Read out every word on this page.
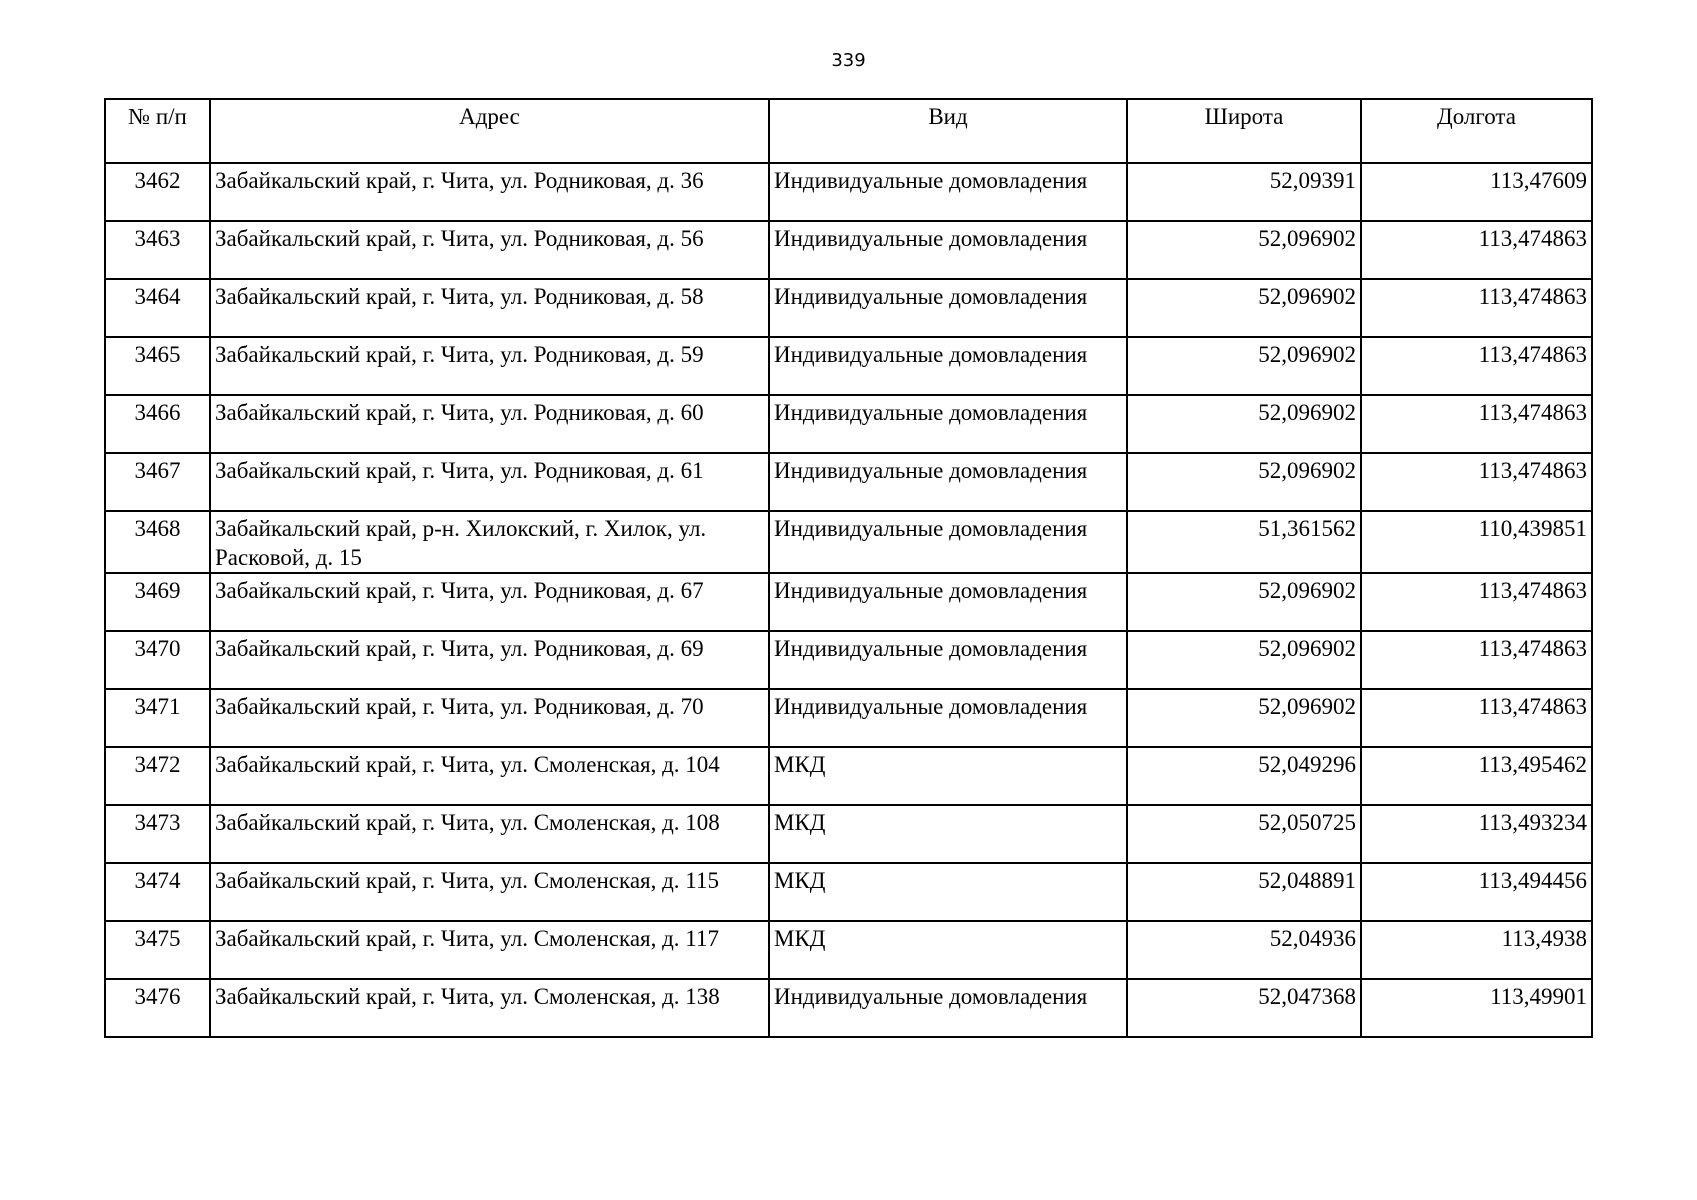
339
№ п/п	Адрес	Вид	Широта	Долгота
3462	Забайкальский край, г. Чита, ул. Родниковая, д. 36	Индивидуальные домовладения	52,09391	113,47609
3463	Забайкальский край, г. Чита, ул. Родниковая, д. 56	Индивидуальные домовладения	52,096902	113,474863
3464	Забайкальский край, г. Чита, ул. Родниковая, д. 58	Индивидуальные домовладения	52,096902	113,474863
3465	Забайкальский край, г. Чита, ул. Родниковая, д. 59	Индивидуальные домовладения	52,096902	113,474863
3466	Забайкальский край, г. Чита, ул. Родниковая, д. 60	Индивидуальные домовладения	52,096902	113,474863
3467	Забайкальский край, г. Чита, ул. Родниковая, д. 61	Индивидуальные домовладения	52,096902	113,474863
3468	Забайкальский край, р-н. Хилокский, г. Хилок, ул. Расковой, д. 15	Индивидуальные домовладения	51,361562	110,439851
3469	Забайкальский край, г. Чита, ул. Родниковая, д. 67	Индивидуальные домовладения	52,096902	113,474863
3470	Забайкальский край, г. Чита, ул. Родниковая, д. 69	Индивидуальные домовладения	52,096902	113,474863
3471	Забайкальский край, г. Чита, ул. Родниковая, д. 70	Индивидуальные домовладения	52,096902	113,474863
3472	Забайкальский край, г. Чита, ул. Смоленская, д. 104	МКД	52,049296	113,495462
3473	Забайкальский край, г. Чита, ул. Смоленская, д. 108	МКД	52,050725	113,493234
3474	Забайкальский край, г. Чита, ул. Смоленская, д. 115	МКД	52,048891	113,494456
3475	Забайкальский край, г. Чита, ул. Смоленская, д. 117	МКД	52,04936	113,4938
3476	Забайкальский край, г. Чита, ул. Смоленская, д. 138	Индивидуальные домовладения	52,047368	113,49901
